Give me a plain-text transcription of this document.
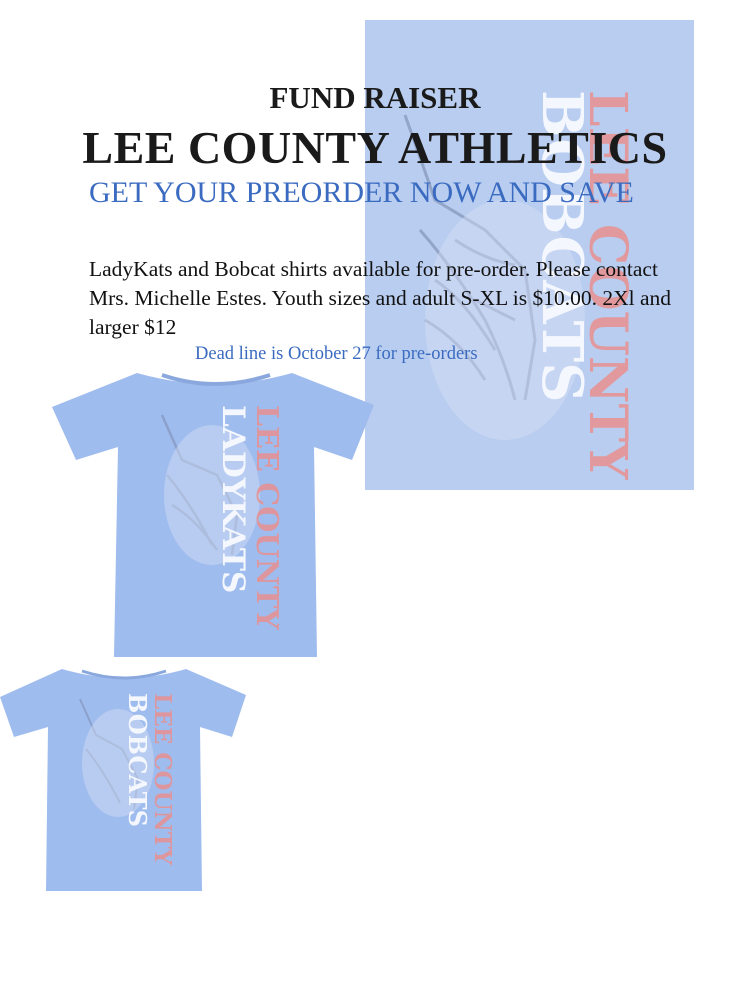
LEE COUNTY
BOBCATS
LEE COUNTY
LADYKATS
LEE COUNTY
BOBCATS
FUND RAISER
LEE COUNTY ATHLETICS

GET YOUR PREORDER NOW AND SAVE

LadyKats and Bobcat shirts available for pre-order. Please contact Mrs. Michelle Estes. Youth sizes and adult S-XL is $10.00. 2Xl and larger $12

Dead line is October 27 for pre-orders
